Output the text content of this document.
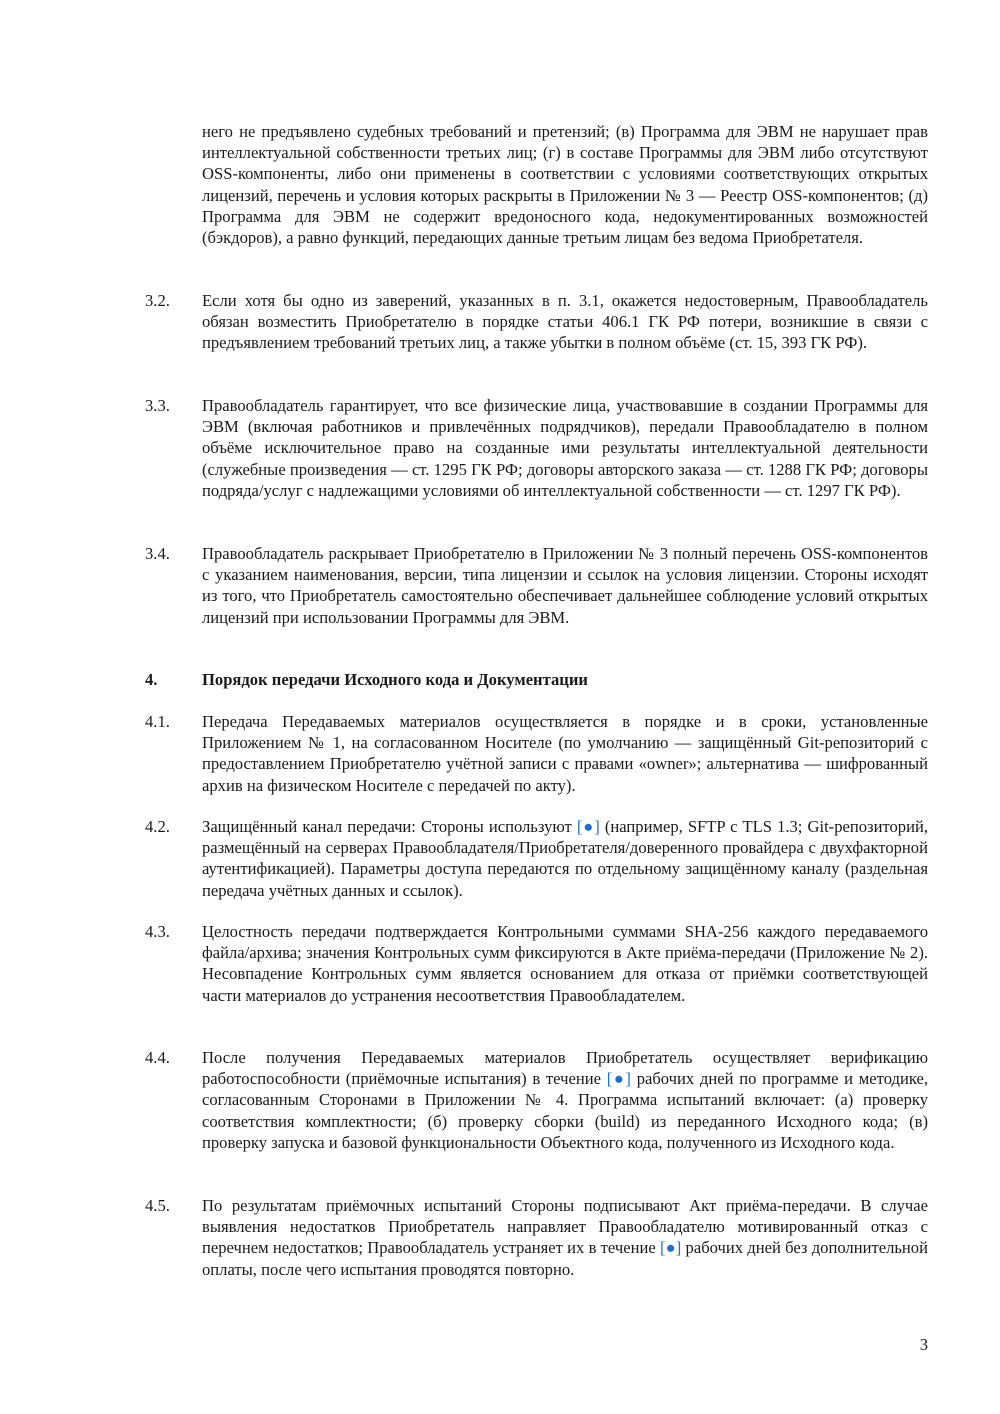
него не предъявлено судебных требований и претензий; (в) Программа для ЭВМ не нарушает прав интеллектуальной собственности третьих лиц; (г) в составе Программы для ЭВМ либо отсутствуют OSS-компоненты, либо они применены в соответствии с условиями соответствующих открытых лицензий, перечень и условия которых раскрыты в Приложении № 3 — Реестр OSS-компонентов; (д) Программа для ЭВМ не содержит вредоносного кода, недокументированных возможностей (бэкдоров), а равно функций, передающих данные третьим лицам без ведома Приобретателя.
3.2.	Если хотя бы одно из заверений, указанных в п. 3.1, окажется недостоверным, Правообладатель обязан возместить Приобретателю в порядке статьи 406.1 ГК РФ потери, возникшие в связи с предъявлением требований третьих лиц, а также убытки в полном объёме (ст. 15, 393 ГК РФ).
3.3.	Правообладатель гарантирует, что все физические лица, участвовавшие в создании Программы для ЭВМ (включая работников и привлечённых подрядчиков), передали Правообладателю в полном объёме исключительное право на созданные ими результаты интеллектуальной деятельности (служебные произведения — ст. 1295 ГК РФ; договоры авторского заказа — ст. 1288 ГК РФ; договоры подряда/услуг с надлежащими условиями об интеллектуальной собственности — ст. 1297 ГК РФ).
3.4.	Правообладатель раскрывает Приобретателю в Приложении № 3 полный перечень OSS-компонентов с указанием наименования, версии, типа лицензии и ссылок на условия лицензии. Стороны исходят из того, что Приобретатель самостоятельно обеспечивает дальнейшее соблюдение условий открытых лицензий при использовании Программы для ЭВМ.
4.	Порядок передачи Исходного кода и Документации
4.1.	Передача Передаваемых материалов осуществляется в порядке и в сроки, установленные Приложением № 1, на согласованном Носителе (по умолчанию — защищённый Git-репозиторий с предоставлением Приобретателю учётной записи с правами «owner»; альтернатива — шифрованный архив на физическом Носителе с передачей по акту).
4.2.	Защищённый канал передачи: Стороны используют [●] (например, SFTP с TLS 1.3; Git-репозиторий, размещённый на серверах Правообладателя/Приобретателя/доверенного провайдера с двухфакторной аутентификацией). Параметры доступа передаются по отдельному защищённому каналу (раздельная передача учётных данных и ссылок).
4.3.	Целостность передачи подтверждается Контрольными суммами SHA-256 каждого передаваемого файла/архива; значения Контрольных сумм фиксируются в Акте приёма-передачи (Приложение № 2). Несовпадение Контрольных сумм является основанием для отказа от приёмки соответствующей части материалов до устранения несоответствия Правообладателем.
4.4.	После получения Передаваемых материалов Приобретатель осуществляет верификацию работоспособности (приёмочные испытания) в течение [●] рабочих дней по программе и методике, согласованным Сторонами в Приложении № 4. Программа испытаний включает: (а) проверку соответствия комплектности; (б) проверку сборки (build) из переданного Исходного кода; (в) проверку запуска и базовой функциональности Объектного кода, полученного из Исходного кода.
4.5.	По результатам приёмочных испытаний Стороны подписывают Акт приёма-передачи. В случае выявления недостатков Приобретатель направляет Правообладателю мотивированный отказ с перечнем недостатков; Правообладатель устраняет их в течение [●] рабочих дней без дополнительной оплаты, после чего испытания проводятся повторно.
3
